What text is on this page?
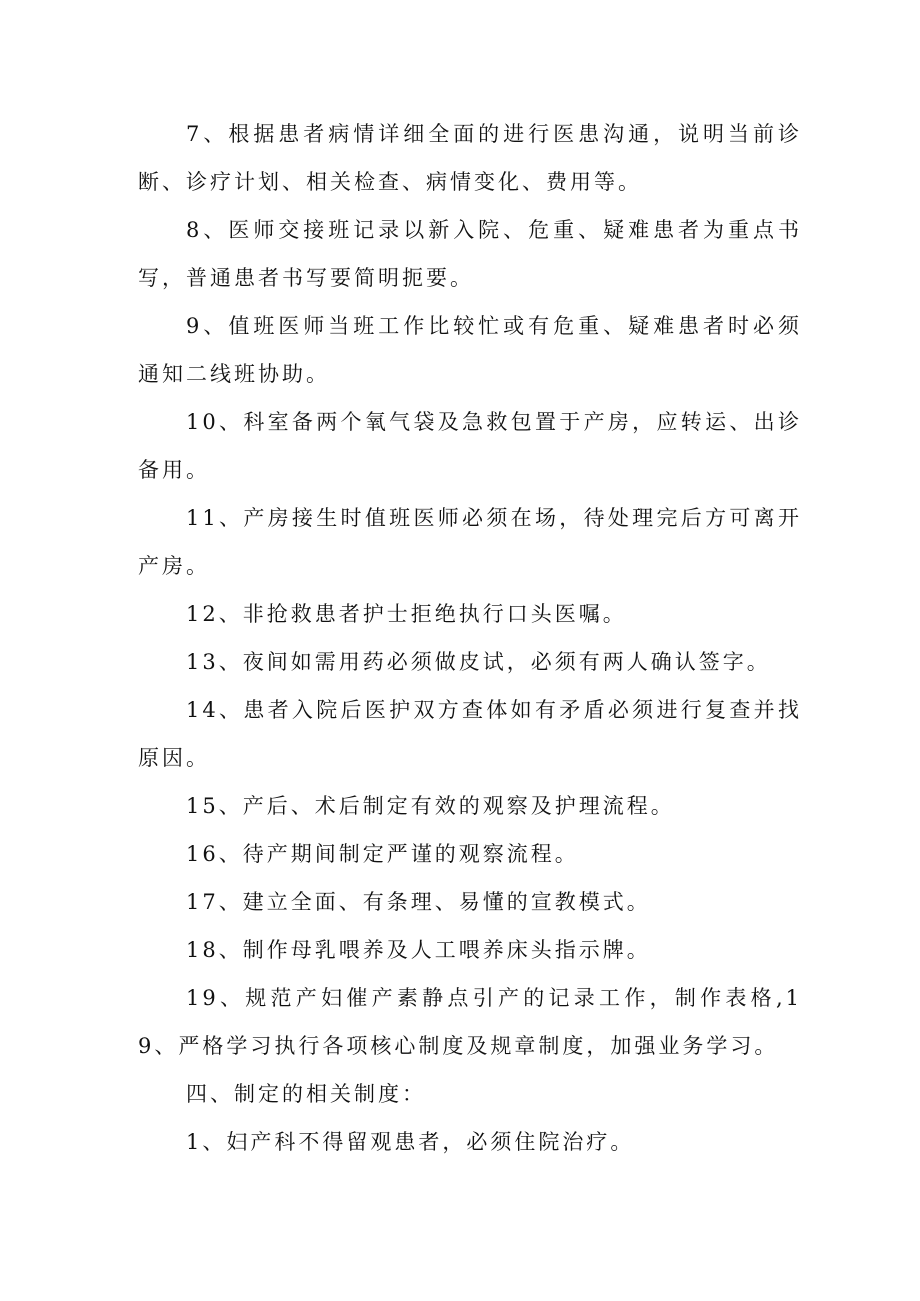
7、根据患者病情详细全面的进行医患沟通，说明当前诊断、诊疗计划、相关检查、病情变化、费用等。

8、医师交接班记录以新入院、危重、疑难患者为重点书写，普通患者书写要简明扼要。

9、值班医师当班工作比较忙或有危重、疑难患者时必须通知二线班协助。

10、科室备两个氧气袋及急救包置于产房，应转运、出诊备用。

11、产房接生时值班医师必须在场，待处理完后方可离开产房。

12、非抢救患者护士拒绝执行口头医嘱。

13、夜间如需用药必须做皮试，必须有两人确认签字。

14、患者入院后医护双方查体如有矛盾必须进行复查并找原因。

15、产后、术后制定有效的观察及护理流程。

16、待产期间制定严谨的观察流程。

17、建立全面、有条理、易懂的宣教模式。

18、制作母乳喂养及人工喂养床头指示牌。

19、规范产妇催产素静点引产的记录工作，制作表格,19、严格学习执行各项核心制度及规章制度，加强业务学习。

四、制定的相关制度：

1、妇产科不得留观患者，必须住院治疗。
